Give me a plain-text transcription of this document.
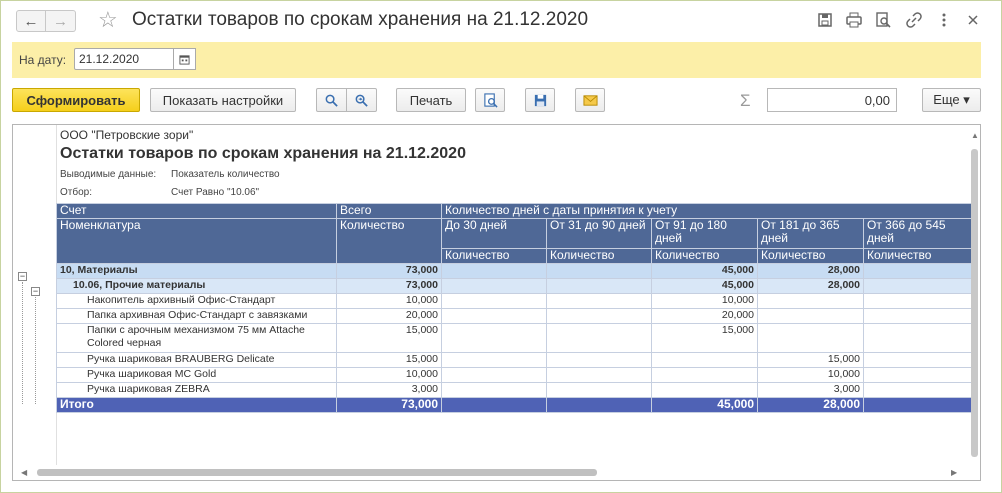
← → ☆ Остатки товаров по срокам хранения на 21.12.2020
На дату:	21.12.2020
Сформировать	Показать настройки	Печать	Σ	0,00	Еще ▾
−
−
ООО "Петровские зори"
Остатки товаров по срокам хранения на 21.12.2020
Выводимые данные: Показатель количество
Отбор:	Счет Равно "10.06"
Счет	Всего	Количество дней с даты принятия к учету				
Номенклатура	Количество	До 30 дней	От 31 до 90 дней	От 91 до 180 дней	От 181 до 365 дней	От 366 до 545 дней
		Количество	Количество	Количество	Количество	Количество
10, Материалы	73,000			45,000	28,000	
10.06, Прочие материалы	73,000			45,000	28,000	
Накопитель архивный Офис-Стандарт	10,000			10,000		
Папка архивная Офис-Стандарт с завязками	20,000			20,000		

Папки с арочным механизмом 75 мм Attache
Colored черная	15,000			15,000		
Ручка шариковая BRAUBERG Delicate	15,000				15,000	
Ручка шариковая MC Gold	10,000				10,000	
Ручка шариковая ZEBRA	3,000				3,000	
Итого	73,000			45,000	28,000	
▲
◀	▶
